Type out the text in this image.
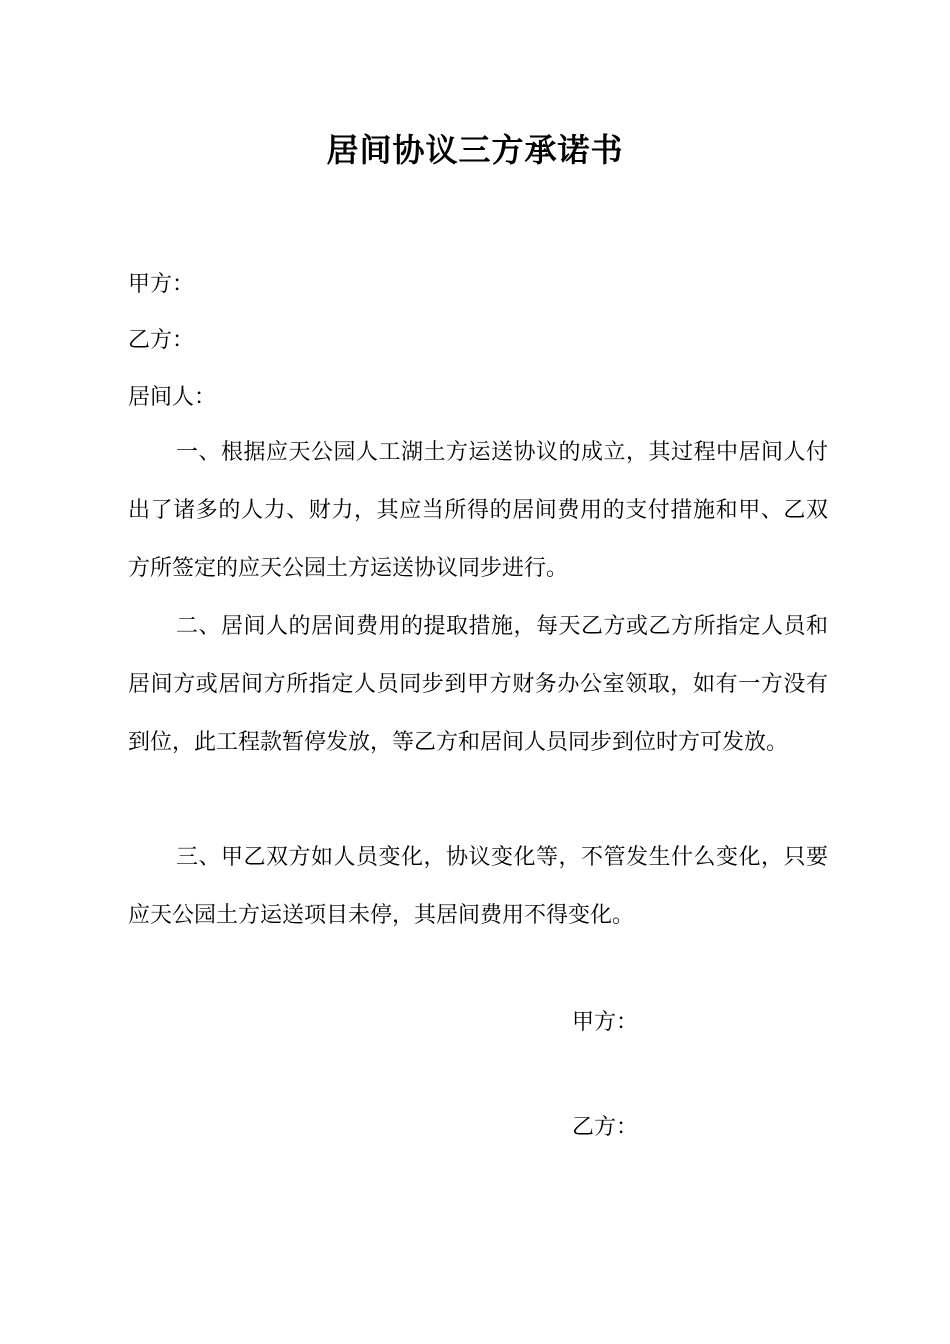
居间协议三方承诺书
甲方：
乙方：
居间人：

一、根据应天公园人工湖土方运送协议的成立，其过程中居间人付出了诸多的人力、财力，其应当所得的居间费用的支付措施和甲、乙双方所签定的应天公园土方运送协议同步进行。

二、居间人的居间费用的提取措施，每天乙方或乙方所指定人员和居间方或居间方所指定人员同步到甲方财务办公室领取，如有一方没有到位，此工程款暂停发放，等乙方和居间人员同步到位时方可发放。

三、甲乙双方如人员变化，协议变化等，不管发生什么变化，只要应天公园土方运送项目未停，其居间费用不得变化。

甲方：
乙方：
